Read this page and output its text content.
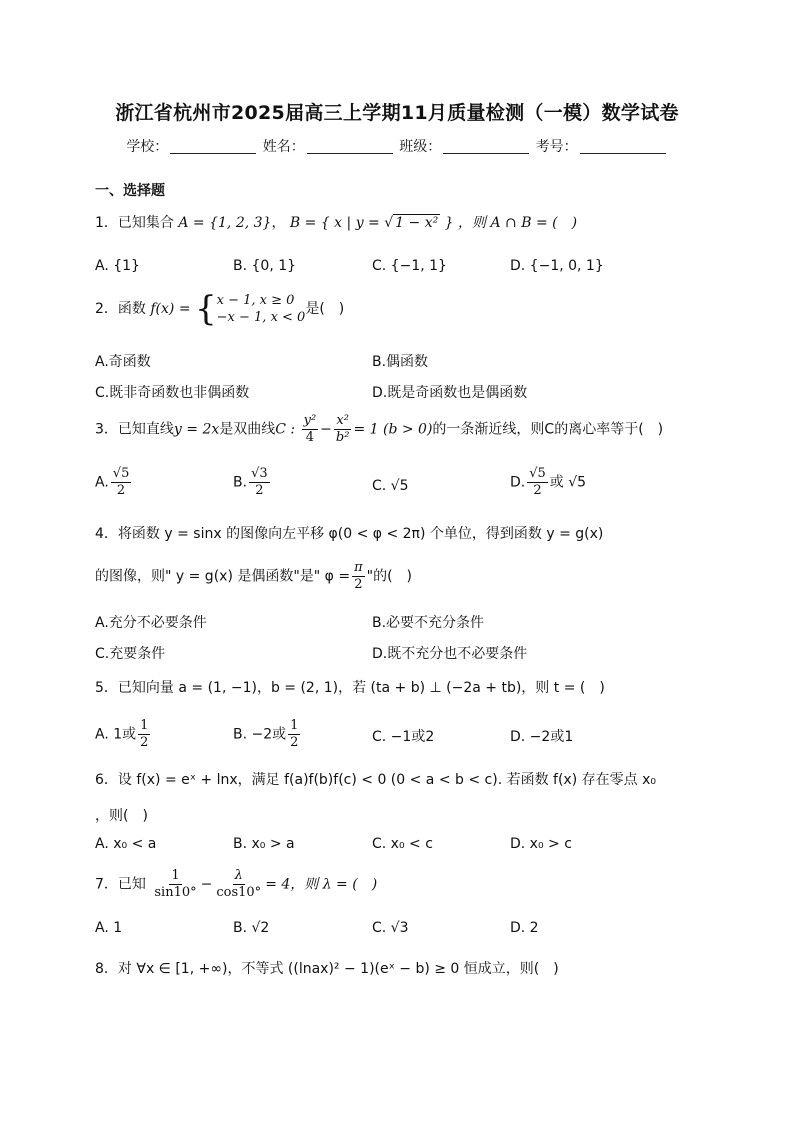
浙江省杭州市2025届高三上学期11月质量检测（一模）数学试卷
学校：	姓名：	班级：	考号：
一、选择题
1．已知集合 A = {1, 2, 3}， B = { x | y = √ 1 − x² } ，则 A ∩ B = (　)
A. {1}	B. {0, 1}	C. {−1, 1}	D. {−1, 0, 1}
2．函数 f(x) = {x − 1, x ≥ 0
−x − 1, x < 0是(　)
A.奇函数	B.偶函数
C.既非奇函数也非偶函数	D.既是奇函数也是偶函数
3．已知直线y = 2x是双曲线C : $\frac{\text{y²}}{4} - \frac{\text{x²}}{\text{b²}} = 1$ (b > 0)的一条渐近线，则C的离心率等于(　)
A. $\frac{√5}{2}$	B. $\frac{√3}{2}$	C. √5	D. $\frac{√5}{2}$ 或 √5
4．将函数 y = sinx 的图像向左平移 φ(0 < φ < 2π) 个单位，得到函数 y = g(x)
的图像，则" y = g(x) 是偶函数"是" $\varphi = \frac{\pi}{2}$ "的(　)
A.充分不必要条件	B.必要不充分条件
C.充要条件	D.既不充分也不必要条件
5．已知向量 a = (1, −1)，b = (2, 1)，若 (ta + b) ⊥ (−2a + tb)，则 t = (　)
A. 1或 $\frac{1}{2}$	B. −2或 $\frac{1}{2}$	C. −1或2	D. −2或1
6．设 f(x) = eˣ + lnx，满足 f(a)f(b)f(c) < 0 (0 < a < b < c). 若函数 f(x) 存在零点 x₀
，则(　)
A. x₀ < a	B. x₀ > a	C. x₀ < c	D. x₀ > c
7．已知 $\frac{1}{\sin 10^\circ} - \frac{\lambda}{\cos 10^\circ} = 4$，则 λ = (　)
A. 1	B. √2	C. √3	D. 2
8．对 ∀x ∈ [1, +∞)，不等式 ((lnax)² − 1)(eˣ − b) ≥ 0 恒成立，则(　)
